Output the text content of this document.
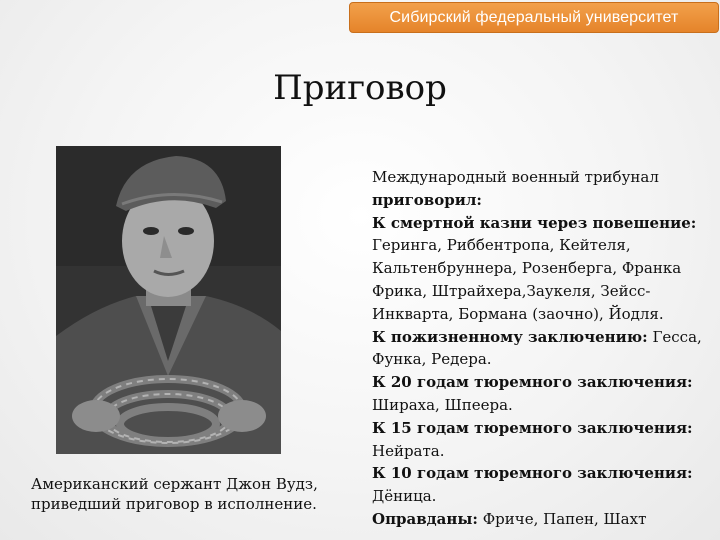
Сибирский федеральный университет
Приговор
Американский сержант Джон Вудз,
приведший приговор в исполнение.

Международный военный трибунал

приговорил:

К смертной казни через повешение:

Геринга, Риббентропа, Кейтеля,

Кальтенбруннера, Розенберга, Франка

Фрика, Штрайхера,Заукеля, Зейсс-

Инкварта, Бормана (заочно), Йодля.

К пожизненному заключению: Гесса,

Функа, Редера.

К 20 годам тюремного заключения:

Шираха, Шпеера.

К 15 годам тюремного заключения:

Нейрата.

К 10 годам тюремного заключения:

Дёница.

Оправданы: Фриче, Папен, Шахт
